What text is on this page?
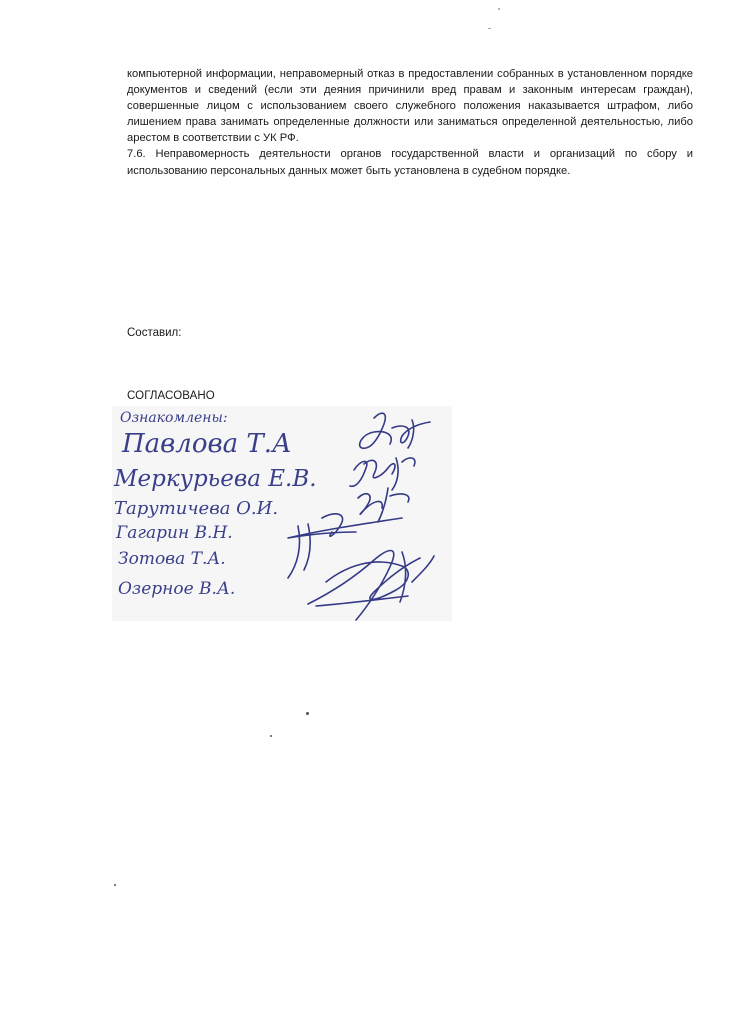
компьютерной информации, неправомерный отказ в предоставлении собранных в установленном порядке документов и сведений (если эти деяния причинили вред правам и законным интересам граждан), совершенные лицом с использованием своего служебного положения наказывается штрафом, либо лишением права занимать определенные должности или заниматься определенной деятельностью, либо арестом в соответствии с УК РФ.

7.6. Неправомерность деятельности органов государственной власти и организаций по сбору и использованию персональных данных может быть установлена в судебном порядке.

Составил:
СОГЛАСОВАНО
Ознакомлены:
Павлова Т.А
Меркурьева Е.В.
Тарутичева О.И.
Гагарин В.Н.
Зотова Т.А.
Озерное В.А.
